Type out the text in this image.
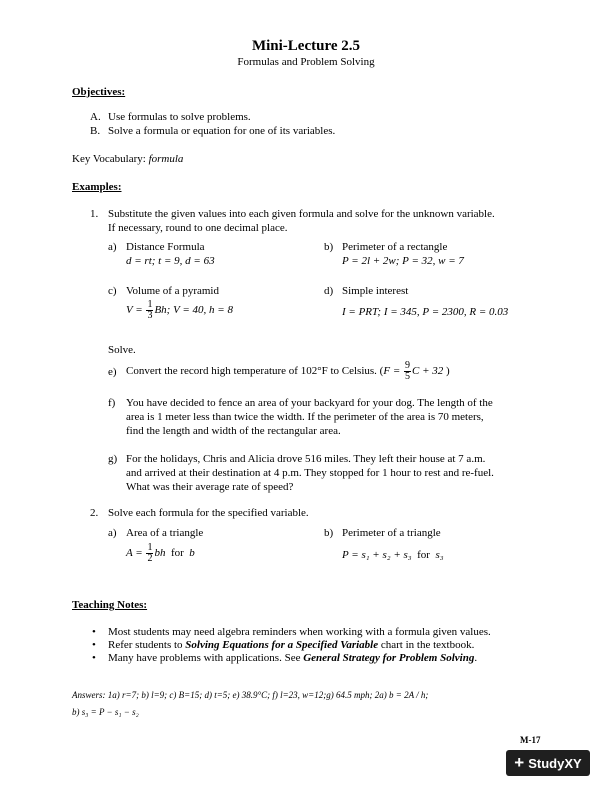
Mini-Lecture 2.5
Formulas and Problem Solving
Objectives:
A. Use formulas to solve problems.
B. Solve a formula or equation for one of its variables.
Key Vocabulary: formula
Examples:
1. Substitute the given values into each given formula and solve for the unknown variable.
If necessary, round to one decimal place.
a) Distance Formula
d = rt; t = 9, d = 63
b) Perimeter of a rectangle
P = 2l + 2w; P = 32, w = 7
c) Volume of a pyramid
$V = \frac{1}{3} Bh$; V = 40, h = 8
d) Simple interest
I = PRT; I = 345, P = 2300, R = 0.03
Solve.
e) Convert the record high temperature of 102°F to Celsius. ($F = \frac{9}{5}$ C + 32 )
f) You have decided to fence an area of your backyard for your dog. The length of the
area is 1 meter less than twice the width. If the perimeter of the area is 70 meters,
find the length and width of the rectangular area.
g) For the holidays, Chris and Alicia drove 516 miles. They left their house at 7 a.m.
and arrived at their destination at 4 p.m. They stopped for 1 hour to rest and re-fuel.
What was their average rate of speed?
2. Solve each formula for the specified variable.
a) Area of a triangle
$A = \frac{1}{2}$ bh  for  b
b) Perimeter of a triangle
P = s₁ + s₂ + s₃  for  s₃
Teaching Notes:
• Most students may need algebra reminders when working with a formula given values.
• Refer students to Solving Equations for a Specified Variable chart in the textbook.
• Many have problems with applications. See General Strategy for Problem Solving.
Answers: 1a) r=7; b) l=9; c) B=15; d) t=5; e) 38.9°C; f) l=23, w=12;g) 64.5 mph; 2a) b = 2A / h;
b) s₃ = P − s₁ − s₂
M-17
+ StudyXY
